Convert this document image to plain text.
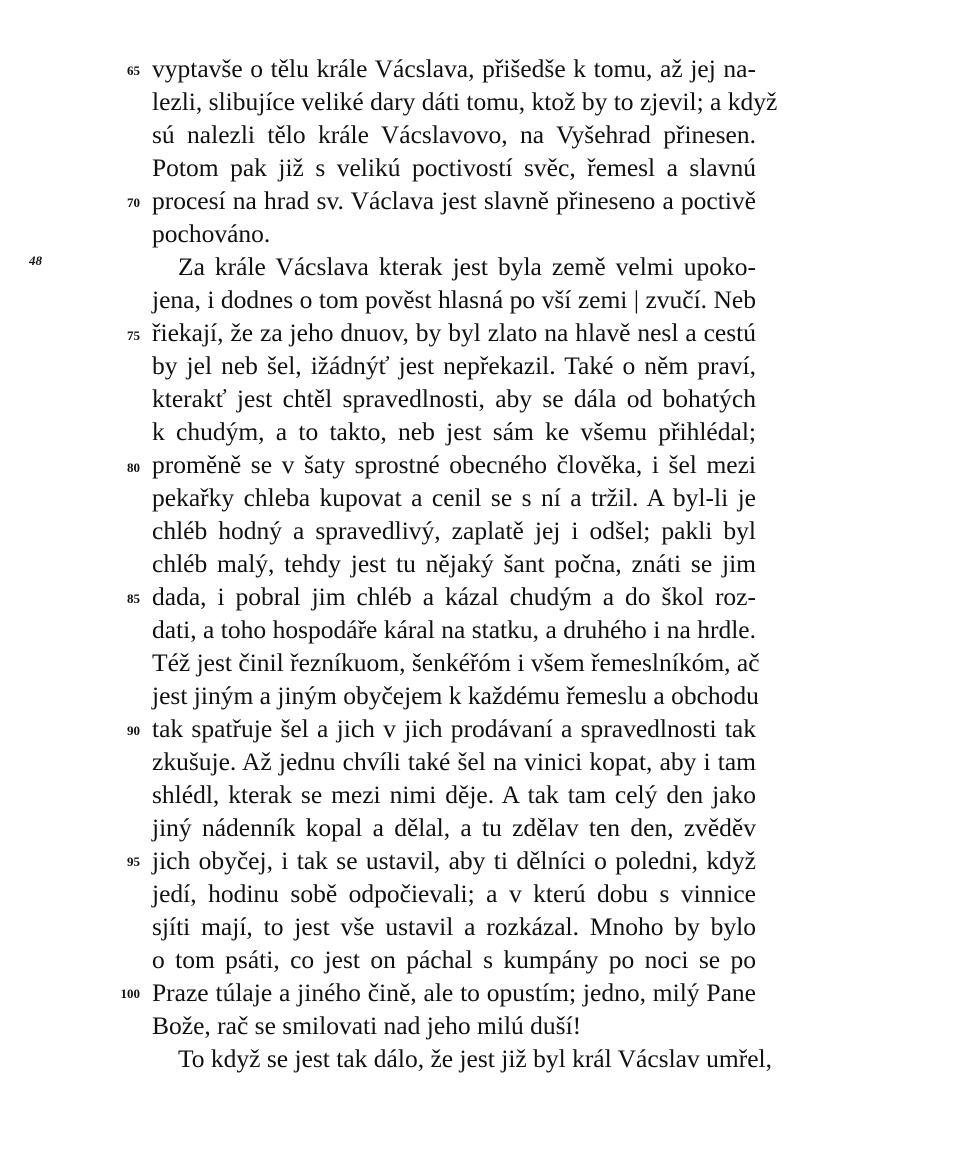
65
70
75
80
85
90
95
100
48
vyptavše o tělu krále Vácslava, přišedše k tomu, až jej na-
lezli, slibujíce veliké dary dáti tomu, ktož by to zjevil; a když
sú nalezli tělo krále Vácslavovo, na Vyšehrad přinesen.
Potom pak již s velikú poctivostí svěc, řemesl a slavnú
procesí na hrad sv. Václava jest slavně přineseno a poctivě
pochováno.
Za krále Vácslava kterak jest byla země velmi upoko-
jena, i dodnes o tom pověst hlasná po vší zemi | zvučí. Neb
řiekají, že za jeho dnuov, by byl zlato na hlavě nesl a cestú
by jel neb šel, ižádnýť jest nepřekazil. Také o něm praví,
kterakť jest chtěl spravedlnosti, aby se dála od bohatých
k chudým, a to takto, neb jest sám ke všemu přihlédal;
proměně se v šaty sprostné obecného člověka, i šel mezi
pekařky chleba kupovat a cenil se s ní a tržil. A byl-li je
chléb hodný a spravedlivý, zaplatě jej i odšel; pakli byl
chléb malý, tehdy jest tu nějaký šant počna, znáti se jim
dada, i pobral jim chléb a kázal chudým a do škol roz-
dati, a toho hospodáře káral na statku, a druhého i na hrdle.
Též jest činil řezníkuom, šenkéřóm i všem řemeslníkóm, ač
jest jiným a jiným obyčejem k každému řemeslu a obchodu
tak spatřuje šel a jich v jich prodávaní a spravedlnosti tak
zkušuje. Až jednu chvíli také šel na vinici kopat, aby i tam
shlédl, kterak se mezi nimi děje. A tak tam celý den jako
jiný nádenník kopal a dělal, a tu zdělav ten den, zvěděv
jich obyčej, i tak se ustavil, aby ti dělníci o poledni, když
jedí, hodinu sobě odpočievali; a v kterú dobu s vinnice
sjíti mají, to jest vše ustavil a rozkázal. Mnoho by bylo
o tom psáti, co jest on páchal s kumpány po noci se po
Praze túlaje a jiného čině, ale to opustím; jedno, milý Pane
Bože, rač se smilovati nad jeho milú duší!
To když se jest tak dálo, že jest již byl král Vácslav umřel,
